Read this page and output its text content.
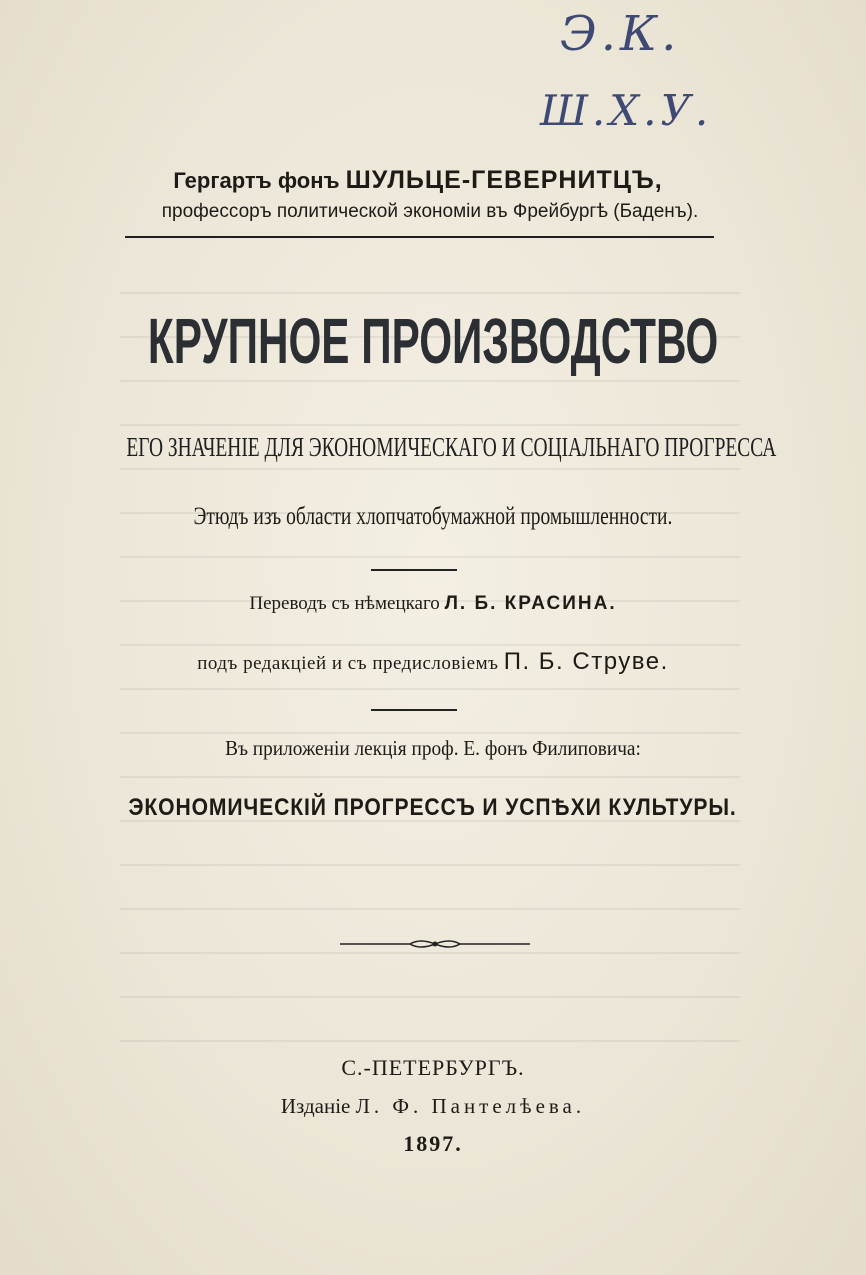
Э.К.
Ш.Х.У.
Гергартъ фонъ ШУЛЬЦЕ-ГЕВЕРНИТЦЪ,
профессоръ политической экономіи въ Фрейбургѣ (Баденъ).
КРУПНОЕ ПРОИЗВОДСТВО
ЕГО ЗНАЧЕНІЕ ДЛЯ ЭКОНОМИЧЕСКАГО И СОЦІАЛЬНАГО ПРОГРЕССА
Этюдъ изъ области хлопчатобумажной промышленности.
Переводъ съ нѣмецкаго Л. Б. КРАСИНА.
подъ редакціей и съ предисловіемъ П. Б. Струве.
Въ приложеніи лекція проф. Е. фонъ Филиповича:
ЭКОНОМИЧЕСКІЙ ПРОГРЕССЪ И УСПѢХИ КУЛЬТУРЫ.
С.-ПЕТЕРБУРГЪ.
Изданіе Л. Ф. Пантелѣева.
1897.
